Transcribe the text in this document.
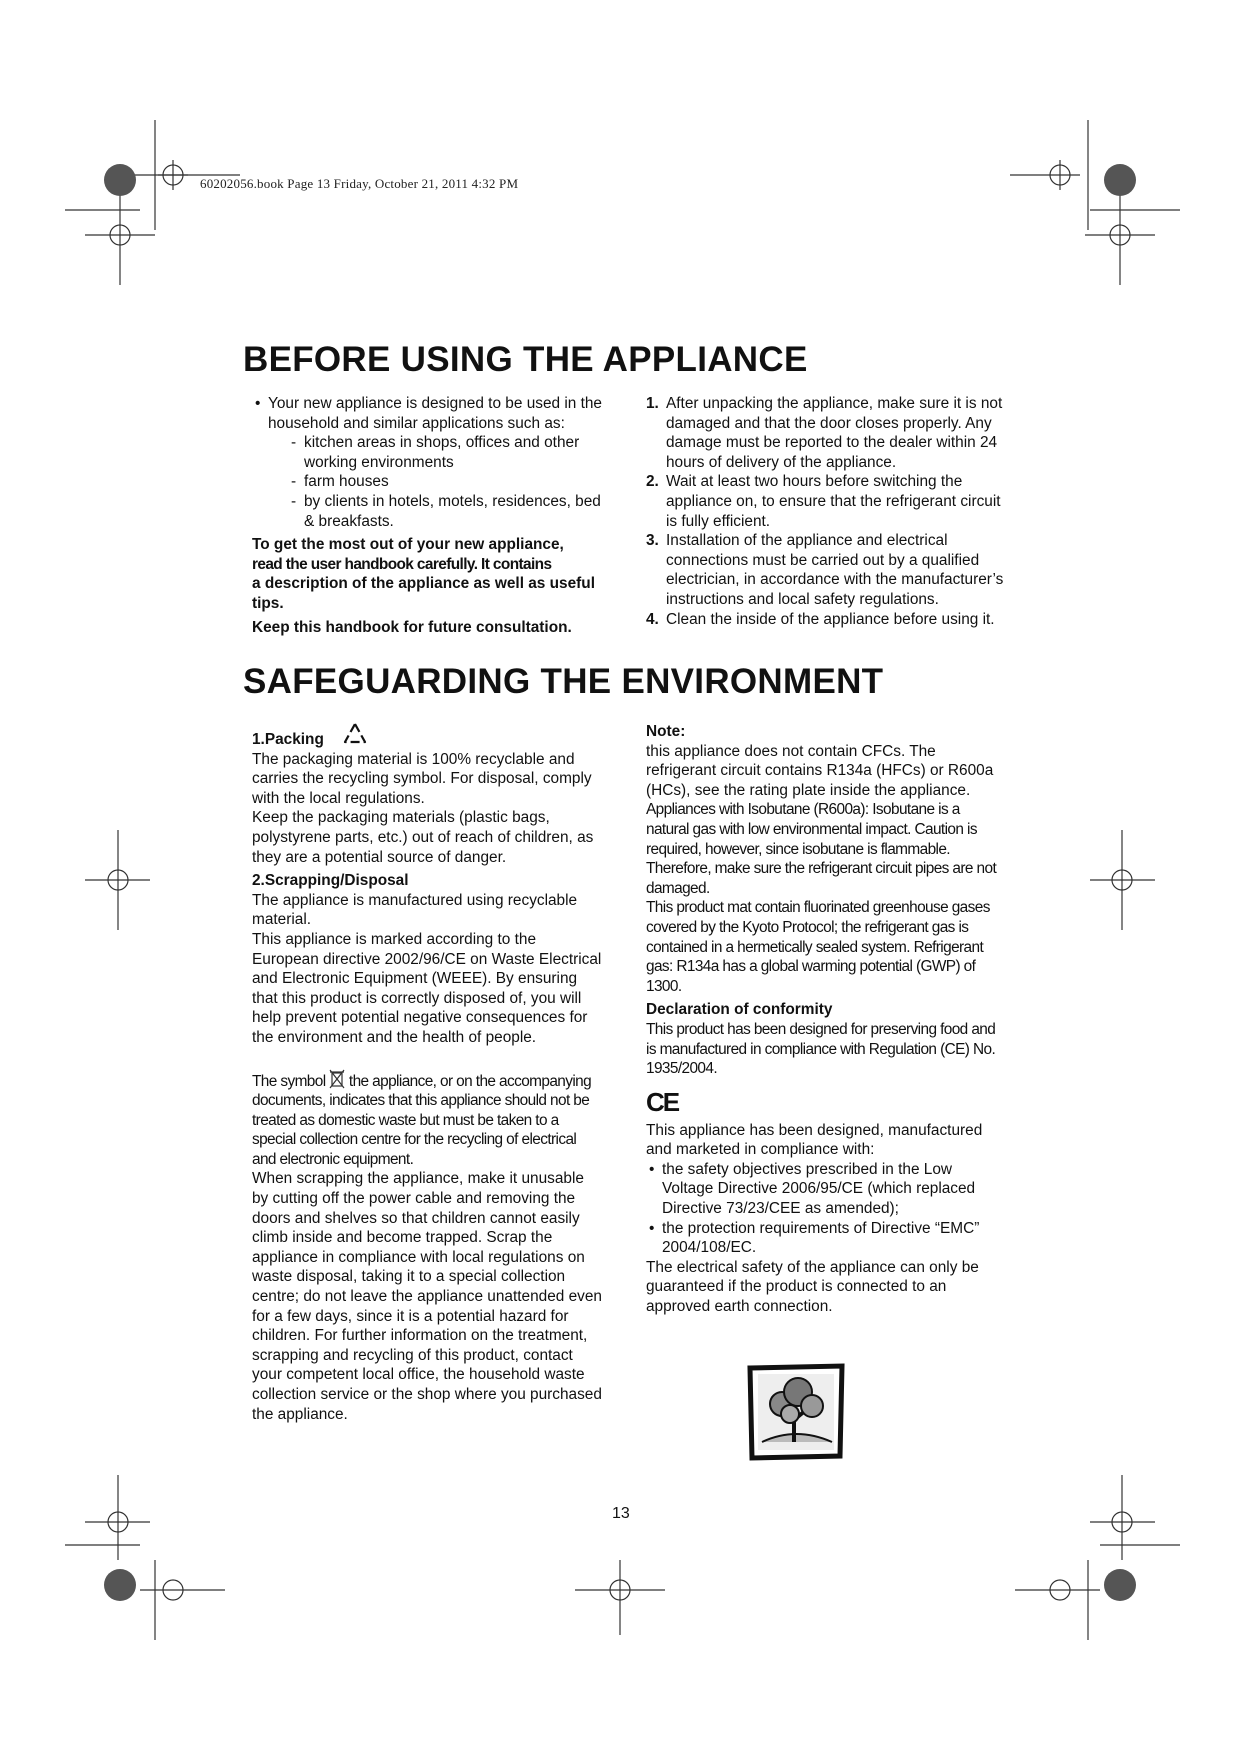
60202056.book Page 13 Friday, October 21, 2011 4:32 PM
BEFORE USING THE APPLIANCE
• Your new appliance is designed to be used in the household and similar applications such as:
- kitchen areas in shops, offices and other working environments
- farm houses
- by clients in hotels, motels, residences, bed & breakfasts.

To get the most out of your new appliance,

read the user handbook carefully. It contains

a description of the appliance as well as useful tips.

Keep this handbook for future consultation.

1. After unpacking the appliance, make sure it is not damaged and that the door closes properly. Any damage must be reported to the dealer within 24 hours of delivery of the appliance.
2. Wait at least two hours before switching the appliance on, to ensure that the refrigerant circuit is fully efficient.
3. Installation of the appliance and electrical connections must be carried out by a qualified electrician, in accordance with the manufacturer’s instructions and local safety regulations.
4. Clean the inside of the appliance before using it.
SAFEGUARDING THE ENVIRONMENT

1.Packing

The packaging material is 100% recyclable and carries the recycling symbol. For disposal, comply with the local regulations.

Keep the packaging materials (plastic bags, polystyrene parts, etc.) out of reach of children, as they are a potential source of danger.

2.Scrapping/Disposal

The appliance is manufactured using recyclable material.

This appliance is marked according to the European directive 2002/96/CE on Waste Electrical and Electronic Equipment (WEEE). By ensuring that this product is correctly disposed of, you will help prevent potential negative consequences for the environment and the health of people.

The symbol  the appliance, or on the accompanying documents, indicates that this appliance should not be treated as domestic waste but must be taken to a special collection centre for the recycling of electrical and electronic equipment.

When scrapping the appliance, make it unusable by cutting off the power cable and removing the doors and shelves so that children cannot easily climb inside and become trapped. Scrap the appliance in compliance with local regulations on waste disposal, taking it to a special collection centre; do not leave the appliance unattended even for a few days, since it is a potential hazard for children. For further information on the treatment, scrapping and recycling of this product, contact your competent local office, the household waste collection service or the shop where you purchased the appliance.

Note:

this appliance does not contain CFCs. The refrigerant circuit contains R134a (HFCs) or R600a (HCs), see the rating plate inside the appliance.

Appliances with Isobutane (R600a): Isobutane is a natural gas with low environmental impact. Caution is required, however, since isobutane is flammable. Therefore, make sure the refrigerant circuit pipes are not damaged.

This product mat contain fluorinated greenhouse gases covered by the Kyoto Protocol; the refrigerant gas is contained in a hermetically sealed system. Refrigerant gas: R134a has a global warming potential (GWP) of 1300.

Declaration of conformity

This product has been designed for preserving food and is manufactured in compliance with Regulation (CE) No. 1935/2004.

CE

This appliance has been designed, manufactured and marketed in compliance with:

• the safety objectives prescribed in the Low Voltage Directive 2006/95/CE (which replaced Directive 73/23/CEE as amended);
• the protection requirements of Directive “EMC” 2004/108/EC.

The electrical safety of the appliance can only be guaranteed if the product is connected to an approved earth connection.

13
